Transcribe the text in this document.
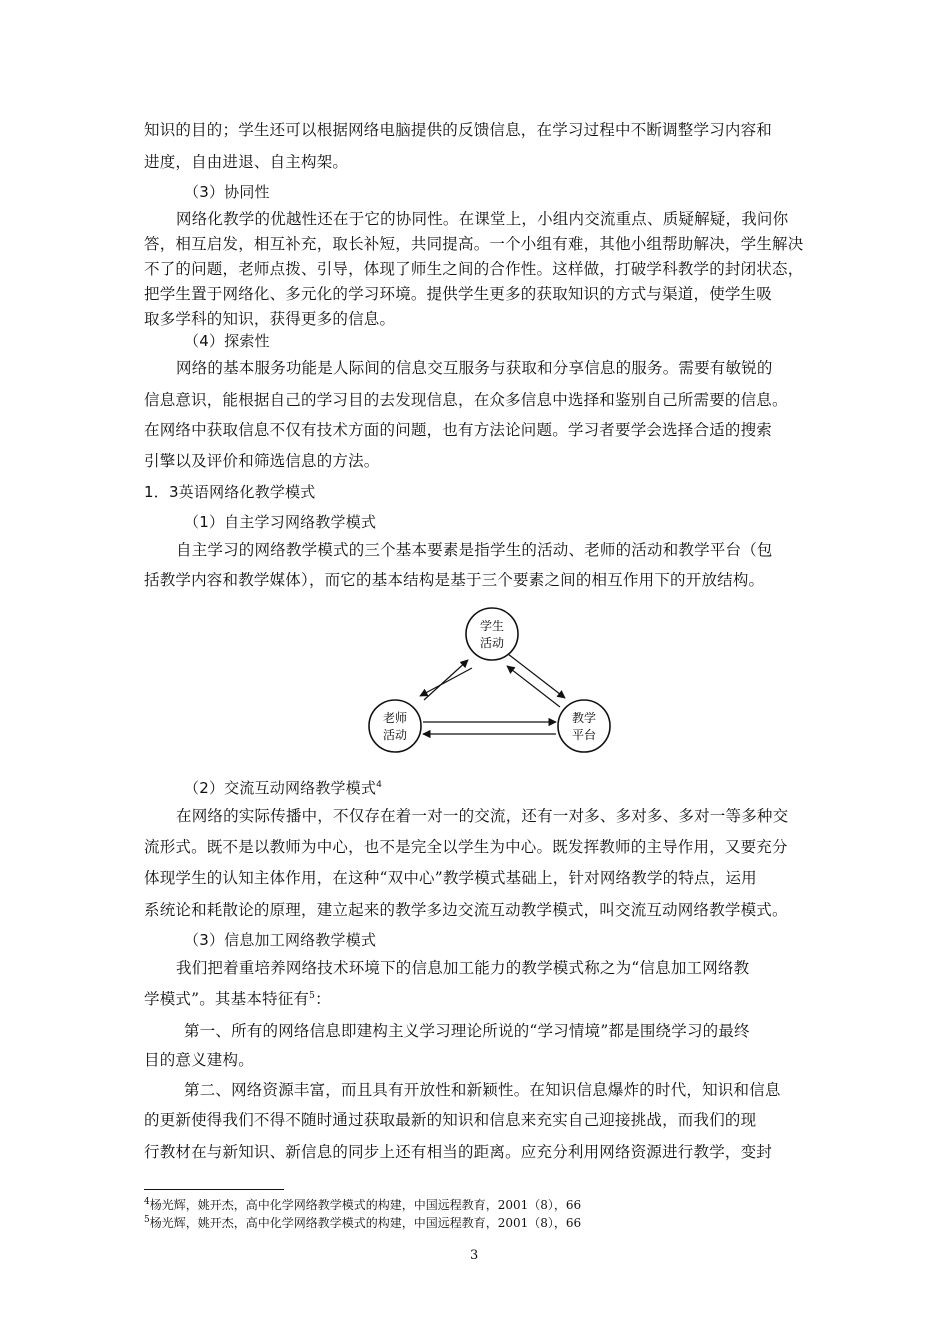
知识的目的；学生还可以根据网络电脑提供的反馈信息，在学习过程中不断调整学习内容和
进度，自由进退、自主构架。
（3）协同性
网络化教学的优越性还在于它的协同性。在课堂上，小组内交流重点、质疑解疑，我问你
答，相互启发，相互补充，取长补短，共同提高。一个小组有难，其他小组帮助解决，学生解决
不了的问题，老师点拨、引导，体现了师生之间的合作性。这样做，打破学科教学的封闭状态，
把学生置于网络化、多元化的学习环境。提供学生更多的获取知识的方式与渠道，使学生吸
取多学科的知识，获得更多的信息。
（4）探索性
网络的基本服务功能是人际间的信息交互服务与获取和分享信息的服务。需要有敏锐的
信息意识，能根据自己的学习目的去发现信息，在众多信息中选择和鉴别自己所需要的信息。
在网络中获取信息不仅有技术方面的问题，也有方法论问题。学习者要学会选择合适的搜索
引擎以及评价和筛选信息的方法。
1．3英语网络化教学模式
（1）自主学习网络教学模式
自主学习的网络教学模式的三个基本要素是指学生的活动、老师的活动和教学平台（包
括教学内容和教学媒体），而它的基本结构是基于三个要素之间的相互作用下的开放结构。
学生
活动
老师
活动
教学
平台
（2）交流互动网络教学模式$^4$
在网络的实际传播中，不仅存在着一对一的交流，还有一对多、多对多、多对一等多种交
流形式。既不是以教师为中心，也不是完全以学生为中心。既发挥教师的主导作用，又要充分
体现学生的认知主体作用，在这种“双中心”教学模式基础上，针对网络教学的特点，运用
系统论和耗散论的原理，建立起来的教学多边交流互动教学模式，叫交流互动网络教学模式。
（3）信息加工网络教学模式
我们把着重培养网络技术环境下的信息加工能力的教学模式称之为“信息加工网络教
学模式”。其基本特征有$^5$：
第一、所有的网络信息即建构主义学习理论所说的“学习情境”都是围绕学习的最终
目的意义建构。
第二、网络资源丰富，而且具有开放性和新颖性。在知识信息爆炸的时代，知识和信息
的更新使得我们不得不随时通过获取最新的知识和信息来充实自己迎接挑战，而我们的现
行教材在与新知识、新信息的同步上还有相当的距离。应充分利用网络资源进行教学，变封
$^4$杨光辉，姚开杰，高中化学网络教学模式的构建，中国远程教育，2001（8），66
$^5$杨光辉，姚开杰，高中化学网络教学模式的构建，中国远程教育，2001（8），66
3
